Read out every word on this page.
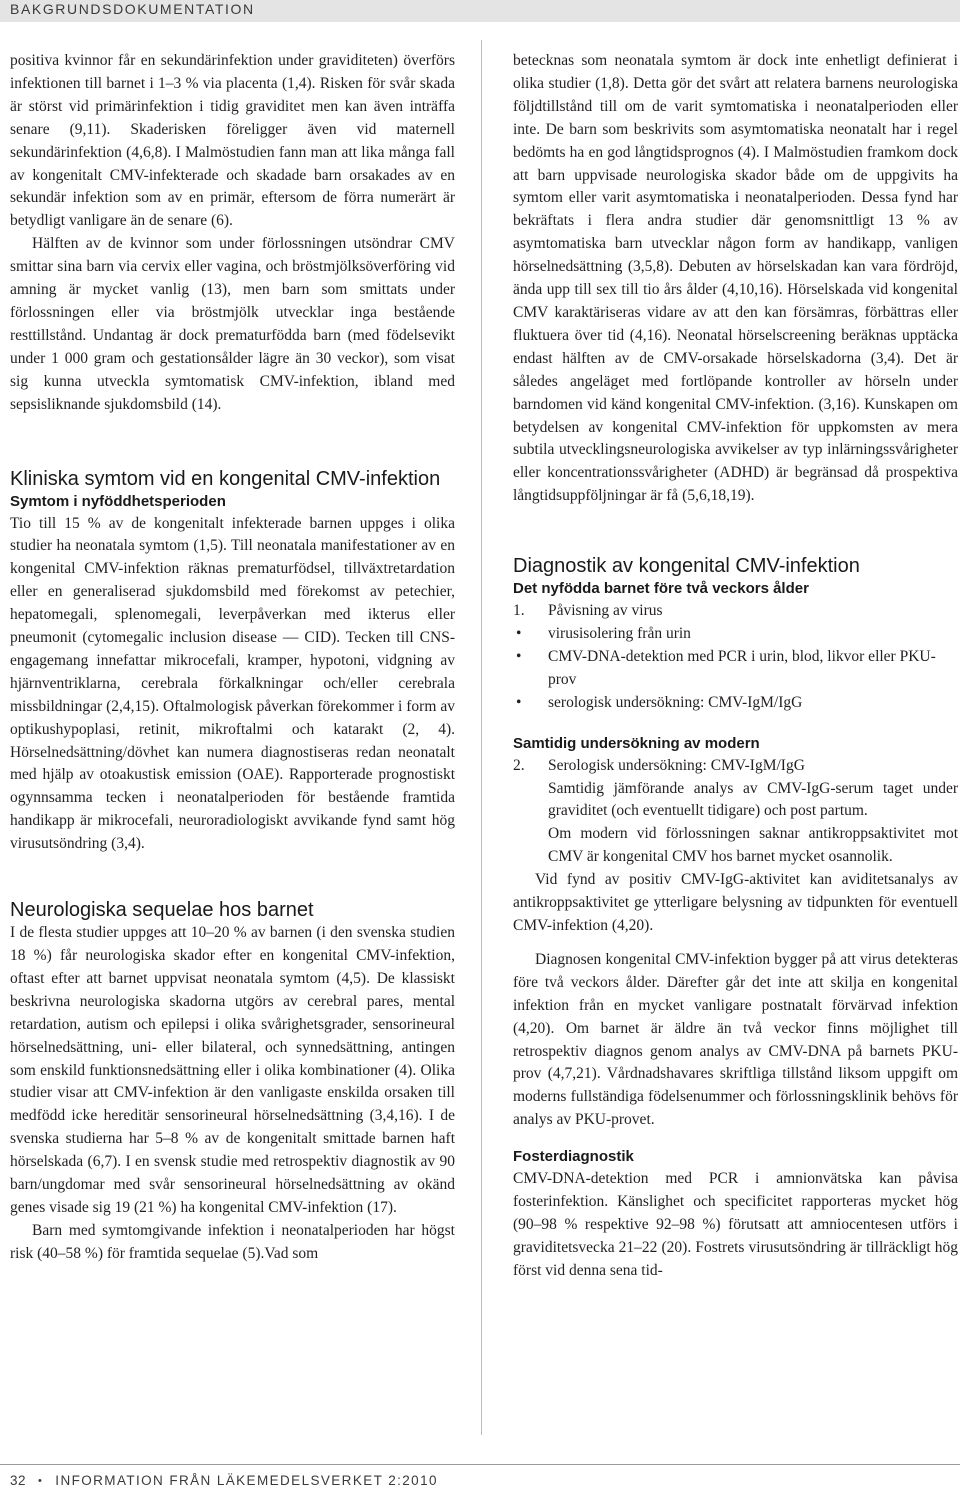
BAKGRUNDSDOKUMENTATION

positiva kvinnor får en sekundärinfektion under graviditeten) överförs infektionen till barnet i 1–3 % via placenta (1,4). Risken för svår skada är störst vid primärinfektion i tidig graviditet men kan även inträffa senare (9,11). Skaderisken föreligger även vid maternell sekundärinfektion (4,6,8). I Malmöstudien fann man att lika många fall av kongenitalt CMV-infekterade och skadade barn orsakades av en sekundär infektion som av en primär, eftersom de förra numerärt är betydligt vanligare än de senare (6).

Hälften av de kvinnor som under förlossningen utsöndrar CMV smittar sina barn via cervix eller vagina, och bröstmjölksöverföring vid amning är mycket vanlig (13), men barn som smittats under förlossningen eller via bröstmjölk utvecklar inga bestående resttillstånd. Undantag är dock prematurfödda barn (med födelsevikt under 1 000 gram och gestationsålder lägre än 30 veckor), som visat sig kunna utveckla symtomatisk CMV-infektion, ibland med sepsisliknande sjukdomsbild (14).

Kliniska symtom vid en kongenital CMV-infektion
Symtom i nyföddhetsperioden

Tio till 15 % av de kongenitalt infekterade barnen uppges i olika studier ha neonatala symtom (1,5). Till neonatala manifestationer av en kongenital CMV-infektion räknas prematurfödsel, tillväxtretardation eller en generaliserad sjukdomsbild med förekomst av petechier, hepatomegali, splenomegali, leverpåverkan med ikterus eller pneumonit (cytomegalic inclusion disease — CID). Tecken till CNS-engagemang innefattar mikrocefali, kramper, hypotoni, vidgning av hjärnventriklarna, cerebrala förkalkningar och/eller cerebrala missbildningar (2,4,15). Oftalmologisk påverkan förekommer i form av optikushypoplasi, retinit, mikroftalmi och katarakt (2, 4). Hörselnedsättning/dövhet kan numera diagnostiseras redan neonatalt med hjälp av otoakustisk emission (OAE). Rapporterade prognostiskt ogynnsamma tecken i neonatalperioden för bestående framtida handikapp är mikrocefali, neuroradiologiskt avvikande fynd samt hög virusutsöndring (3,4).

Neurologiska sequelae hos barnet

I de flesta studier uppges att 10–20 % av barnen (i den svenska studien 18 %) får neurologiska skador efter en kongenital CMV-infektion, oftast efter att barnet uppvisat neonatala symtom (4,5). De klassiskt beskrivna neurologiska skadorna utgörs av cerebral pares, mental retardation, autism och epilepsi i olika svårighetsgrader, sensorineural hörselnedsättning, uni- eller bilateral, och synnedsättning, antingen som enskild funktionsnedsättning eller i olika kombinationer (4). Olika studier visar att CMV-infektion är den vanligaste enskilda orsaken till medfödd icke hereditär sensorineural hörselnedsättning (3,4,16). I de svenska studierna har 5–8 % av de kongenitalt smittade barnen haft hörselskada (6,7). I en svensk studie med retrospektiv diagnostik av 90 barn/ungdomar med svår sensorineural hörselnedsättning av okänd genes visade sig 19 (21 %) ha kongenital CMV-infektion (17).

Barn med symtomgivande infektion i neonatalperioden har högst risk (40–58 %) för framtida sequelae (5).Vad som

betecknas som neonatala symtom är dock inte enhetligt definierat i olika studier (1,8). Detta gör det svårt att relatera barnens neurologiska följdtillstånd till om de varit symtomatiska i neonatalperioden eller inte. De barn som beskrivits som asymtomatiska neonatalt har i regel bedömts ha en god långtidsprognos (4). I Malmöstudien framkom dock att barn uppvisade neurologiska skador både om de uppgivits ha symtom eller varit asymtomatiska i neonatalperioden. Dessa fynd har bekräftats i flera andra studier där genomsnittligt 13 % av asymtomatiska barn utvecklar någon form av handikapp, vanligen hörselnedsättning (3,5,8). Debuten av hörselskadan kan vara fördröjd, ända upp till sex till tio års ålder (4,10,16). Hörselskada vid kongenital CMV karaktäriseras vidare av att den kan försämras, förbättras eller fluktuera över tid (4,16). Neonatal hörselscreening beräknas upptäcka endast hälften av de CMV-orsakade hörselskadorna (3,4). Det är således angeläget med fortlöpande kontroller av hörseln under barndomen vid känd kongenital CMV-infektion. (3,16). Kunskapen om betydelsen av kongenital CMV-infektion för uppkomsten av mera subtila utvecklingsneurologiska avvikelser av typ inlärningssvårigheter eller koncentrationssvårigheter (ADHD) är begränsad då prospektiva långtidsuppföljningar är få (5,6,18,19).

Diagnostik av kongenital CMV-infektion
Det nyfödda barnet före två veckors ålder
1. Påvisning av virus
• virusisolering från urin
• CMV-DNA-detektion med PCR i urin, blod, likvor eller PKU-prov
• serologisk undersökning: CMV-IgM/IgG
Samtidig undersökning av modern
2. Serologisk undersökning: CMV-IgM/IgG
Samtidig jämförande analys av CMV-IgG-serum taget under graviditet (och eventuellt tidigare) och post partum.
Om modern vid förlossningen saknar antikroppsaktivitet mot CMV är kongenital CMV hos barnet mycket osannolik.

Vid fynd av positiv CMV-IgG-aktivitet kan aviditetsanalys av antikroppsaktivitet ge ytterligare belysning av tidpunkten för eventuell CMV-infektion (4,20).

Diagnosen kongenital CMV-infektion bygger på att virus detekteras före två veckors ålder. Därefter går det inte att skilja en kongenital infektion från en mycket vanligare postnatalt förvärvad infektion (4,20). Om barnet är äldre än två veckor finns möjlighet till retrospektiv diagnos genom analys av CMV-DNA på barnets PKU-prov (4,7,21). Vårdnadshavares skriftliga tillstånd liksom uppgift om moderns fullständiga födelsenummer och förlossningsklinik behövs för analys av PKU-provet.

Fosterdiagnostik

CMV-DNA-detektion med PCR i amnionvätska kan påvisa fosterinfektion. Känslighet och specificitet rapporteras mycket hög (90–98 % respektive 92–98 %) förutsatt att amniocentesen utförs i graviditetsvecka 21–22 (20). Fostrets virusutsöndring är tillräckligt hög först vid denna sena tid-

32 • INFORMATION FRÅN LÄKEMEDELSVERKET 2:2010
